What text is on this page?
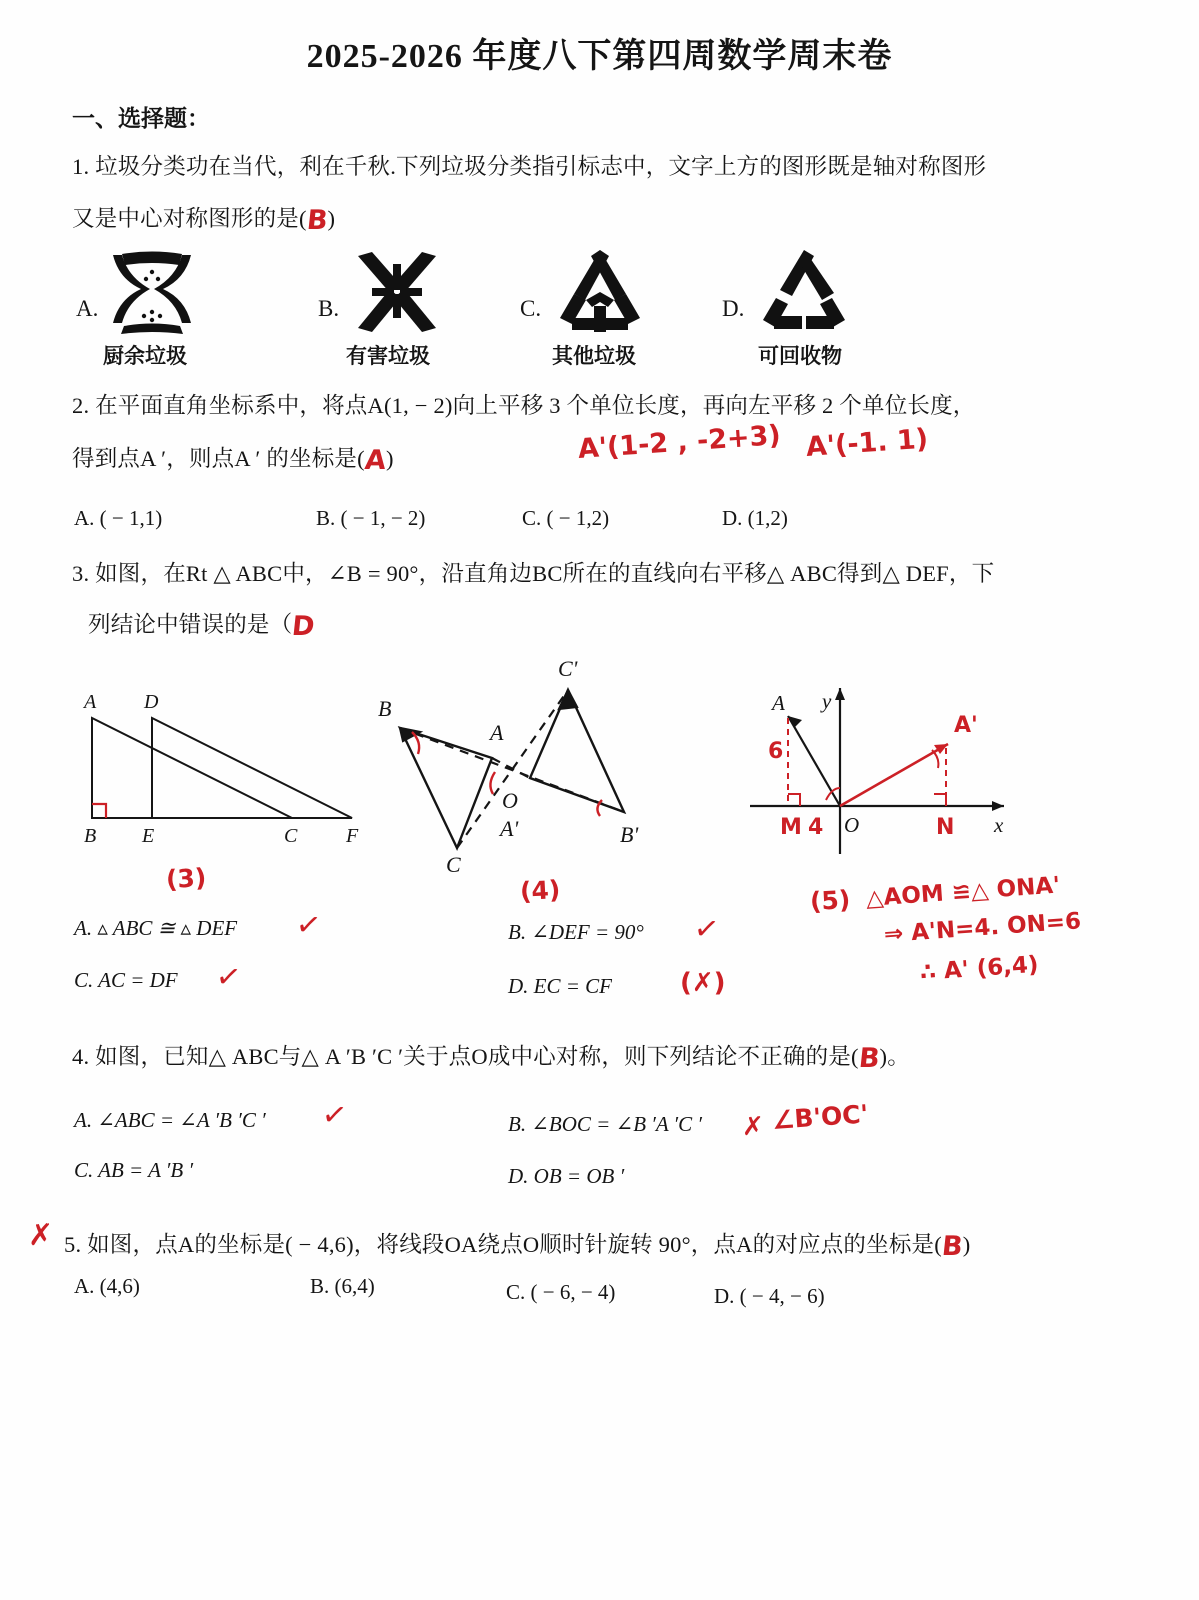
2025-2026 年度八下第四周数学周末卷
一、选择题：
1. 垃圾分类功在当代，利在千秋.下列垃圾分类指引标志中，文字上方的图形既是轴对称图形
又是中心对称图形的是(B)
A.
厨余垃圾
B.
有害垃圾
C.
其他垃圾
D.
可回收物
2. 在平面直角坐标系中，将点A(1, − 2)向上平移 3 个单位长度，再向左平移 2 个单位长度，
得到点A ′，则点A ′ 的坐标是(A)	A'(1-2 , -2+3) A'(-1. 1)
A. ( − 1,1)	B. ( − 1, − 2)	C. ( − 1,2)	D. (1,2)
3. 如图，在Rt △ ABC中，∠B = 90°，沿直角边BC所在的直线向右平移△ ABC得到△ DEF，下
列结论中错误的是（D
A D
B E	C F
(3)
B
A
C
O
C'
A'	B'
(4)
A
O
y
x
A'
6
4
M	N
(5) △AOM ≌△ ONA'
⇒ A'N=4. ON=6
∴ A' (6,4)
A. ▵ ABC ≅ ▵ DEF ✓	B. ∠DEF = 90° ✓
C. AC = DF ✓	D. EC = CF	(✗)
4. 如图，已知△ ABC与△ A ′B ′C ′关于点O成中心对称，则下列结论不正确的是(B)。
A. ∠ABC = ∠A ′B ′C ′ ✓	B. ∠BOC = ∠B ′A ′C ′ ✗ ∠B'OC'
C. AB = A ′B ′	D. OB = OB ′
✗ 5. 如图，点A的坐标是( − 4,6)，将线段OA绕点O顺时针旋转 90°，点A的对应点的坐标是(B)
A. (4,6)	B. (6,4)	C. ( − 6, − 4)	D. ( − 4, − 6)
